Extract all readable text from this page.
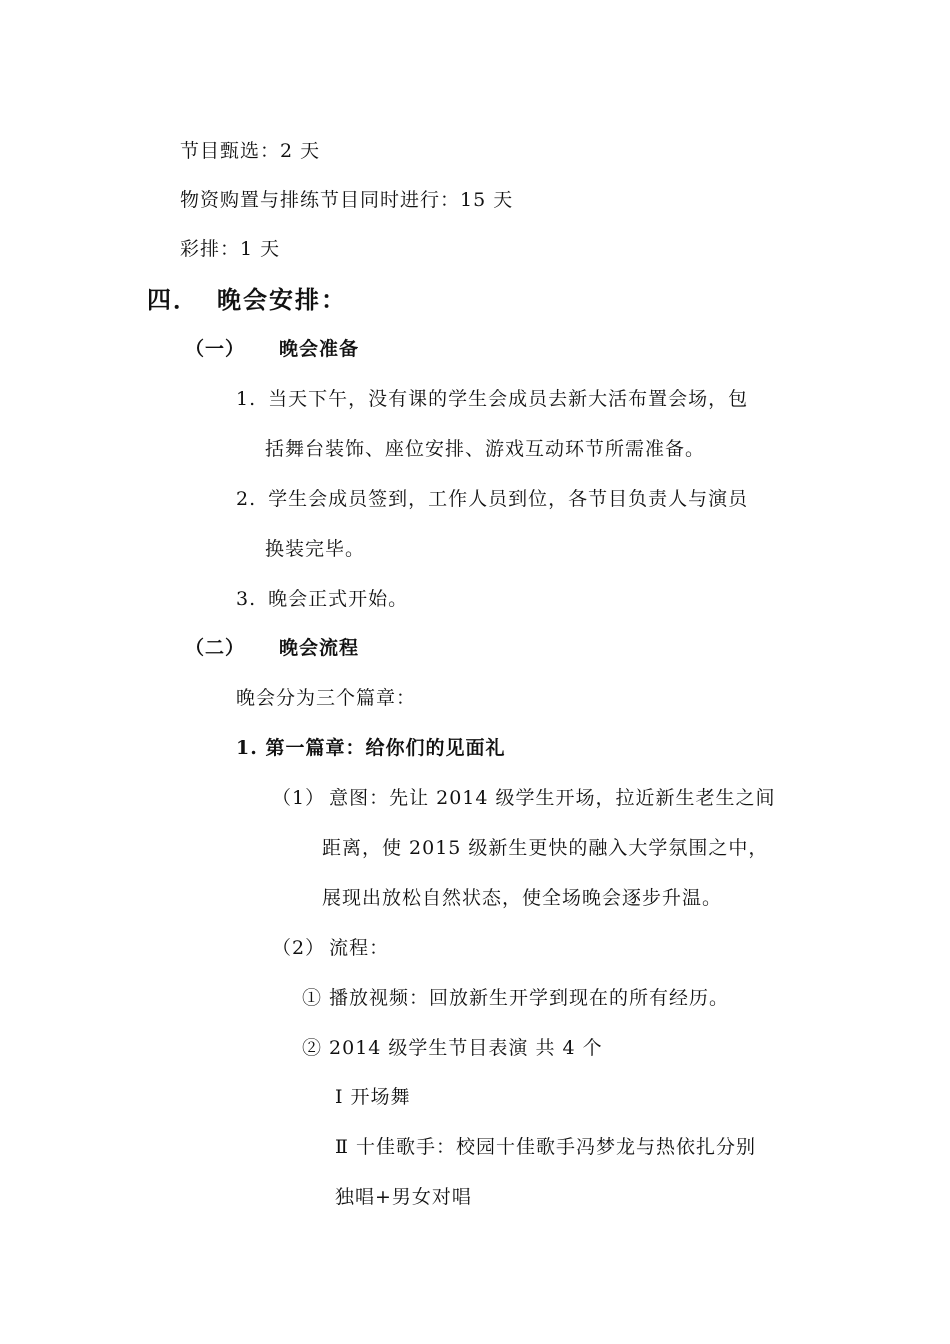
节目甄选：2 天
物资购置与排练节目同时进行：15 天
彩排：1 天
四． 晚会安排：
（一） 晚会准备
1. 当天下午，没有课的学生会成员去新大活布置会场，包
括舞台装饰、座位安排、游戏互动环节所需准备。
2. 学生会成员签到，工作人员到位，各节目负责人与演员
换装完毕。
3. 晚会正式开始。
（二） 晚会流程
晚会分为三个篇章：
1. 第一篇章：给你们的见面礼
（1） 意图：先让 2014 级学生开场，拉近新生老生之间
距离，使 2015 级新生更快的融入大学氛围之中，
展现出放松自然状态，使全场晚会逐步升温。
（2） 流程：
① 播放视频：回放新生开学到现在的所有经历。
② 2014 级学生节目表演 共 4 个
Ⅰ 开场舞
Ⅱ 十佳歌手：校园十佳歌手冯梦龙与热依扎分别
独唱+男女对唱
